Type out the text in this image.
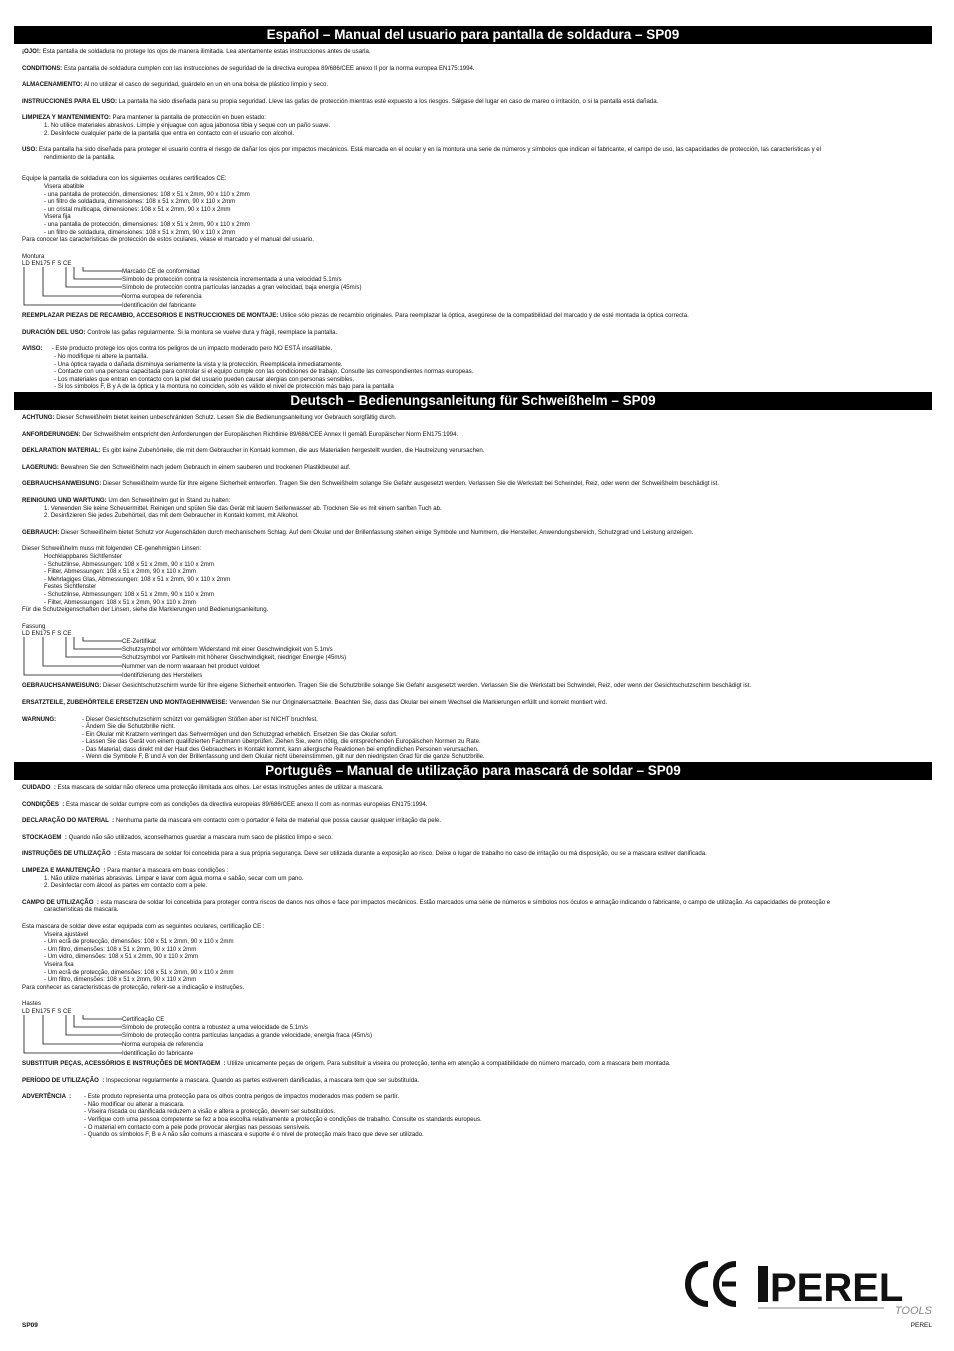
Español – Manual del usuario para pantalla de soldadura – SP09

¡OJO!: Esta pantalla de soldadura no protege los ojos de manera ilimitada. Lea atentamente estas instrucciones antes de usarla.

CONDITIONS: Esta pantalla de soldadura cumplen con las instrucciones de seguridad de la directiva europea 89/686/CEE anexo II por la norma europea EN175:1994.

ALMACENAMIENTO: Al no utilizar el casco de seguridad, guárdelo en un en una bolsa de plástico limpio y seco.

INSTRUCCIONES PARA EL USO: La pantalla ha sido diseñada para su propia seguridad. Lleve las gafas de protección mientras esté expuesto a los riesgos. Sálgase del lugar en caso de mareo o irritación, o si la pantalla está dañada.

LIMPIEZA Y MANTENIMIENTO: Para mantener la pantalla de protección en buen estado:

1. No utilice materiales abrasivos. Limpie y enjuague con agua jabonosa tibia y seque con un paño suave.

2. Desinfecte cualquier parte de la pantalla que entra en contacto con el usuario con alcohol.

USO: Esta pantalla ha sido diseñada para proteger el usuario contra el riesgo de dañar los ojos por impactos mecánicos. Está marcada en el ocular y en la montura una serie de números y símbolos que indican el fabricante, el campo de uso, las capacidades de protección, las características y el

rendimiento de la pantalla.

Equipe la pantalla de soldadura con los siguientes oculares certificados CE:

Visera abatible

- una pantalla de protección, dimensiones: 108 x 51 x 2mm, 90 x 110 x 2mm

- un filtro de soldadura, dimensiones: 108 x 51 x 2mm, 90 x 110 x 2mm

- un cristal multicapa, dimensiones: 108 x 51 x 2mm, 90 x 110 x 2mm

Visera fija

- una pantalla de protección, dimensiones: 108 x 51 x 2mm, 90 x 110 x 2mm

- un filtro de soldadura, dimensiones: 108 x 51 x 2mm, 90 x 110 x 2mm

Para conocer las características de protección de estos oculares, véase el marcado y el manual del usuario.

Montura

LD EN175 F S CE
Marcado CE de conformidad
Símbolo de protección contra la resistencia incrementada a una velocidad 5.1m/s
Símbolo de protección contra partículas lanzadas a gran velocidad, baja energía (45m/s)
Norma europea de referencia
Identificación del fabricante

REEMPLAZAR PIEZAS DE RECAMBIO, ACCESORIOS E INSTRUCCIONES DE MONTAJE: Utilice sólo piezas de recambio originales. Para reemplazar la óptica, asegúrese de la compatibilidad del marcado y de esté montada la óptica correcta.

DURACIÓN DEL USO: Controle las gafas regularmente. Si la montura se vuelve dura y frágil, reemplace la pantalla.

AVISO:	- Este producto protege los ojos contra los peligros de un impacto moderado pero NO ESTÁ insatillable.

- No modifique ni altere la pantalla.

- Una óptica rayada o dañada disminuya seriamente la vista y la protección. Reemplácela inmediatamente.

- Contacte con una persona capacitada para controlar si el equipo cumple con las condiciones de trabajo. Consulte las correspondientes normas europeas.

- Los materiales que entran en contacto con la piel del usuario pueden causar alergias con personas sensibles.

- Si los símbolos F, B y A de la óptica y la montura no coinciden, sólo es válido el nivel de protección más bajo para la pantalla

Deutsch – Bedienungsanleitung für Schweißhelm – SP09

ACHTUNG: Dieser Schweißhelm bietet keinen unbeschränkten Schutz. Lesen Sie die Bedienungsanleitung vor Gebrauch sorgfältig durch.

ANFORDERUNGEN: Der Schweißhelm entspricht den Anforderungen der Europäischen Richtlinie 89/686/CEE Annex II gemäß Europäischer Norm EN175:1994.

DEKLARATION MATERIAL: Es gibt keine Zubehörteile, die mit dem Gebraucher in Kontakt kommen, die aus Materialien hergestellt wurden, die Hautreizung verursachen.

LAGERUNG: Bewahren Sie den Schweißhelm nach jedem Gebrauch in einem sauberen und trockenen Plastikbeutel auf.

GEBRAUCHSANWEISUNG: Dieser Schweißhelm wurde für Ihre eigene Sicherheit entworfen. Tragen Sie den Schweißhelm solange Sie Gefahr ausgesetzt werden. Verlassen Sie die Werkstatt bei Schwindel, Reiz, oder wenn der Schweißhelm beschädigt ist.

REINIGUNG UND WARTUNG: Um den Schweißhelm gut in Stand zu halten:

1. Verwenden Sie keine Scheuermittel. Reinigen und spülen Sie das Gerät mit lauem Seifenwasser ab. Trocknen Sie es mit einem sanften Tuch ab.

2. Desinfizieren Sie jedes Zubehörteil, das mit dem Gebraucher in Kontakt kommt, mit Alkohol.

GEBRAUCH: Dieser Schweißhelm bietet Schutz vor Augenschäden durch mechanischem Schlag. Auf dem Okular und der Brillenfassung stehen einige Symbole und Nummern, die Hersteller, Anwendungsbereich, Schutzgrad und Leistung anzeigen.

Dieser Schweißhelm muss mit folgenden CE-genehmigten Linsen:

Hochklappbares Sichtfenster

- Schutzlinse, Abmessungen: 108 x 51 x 2mm, 90 x 110 x 2mm

- Filter, Abmessungen: 108 x 51 x 2mm, 90 x 110 x 2mm

- Mehrlagiges Glas, Abmessungen: 108 x 51 x 2mm, 90 x 110 x 2mm

Festes Sichtfenster

- Schutzlinse, Abmessungen: 108 x 51 x 2mm, 90 x 110 x 2mm

- Filter, Abmessungen: 108 x 51 x 2mm, 90 x 110 x 2mm

Für die Schutzeigenschaften der Linsen, siehe die Markierungen und Bedienungsanleitung.

Fassung

LD EN175 F S CE
CE-Zertifikat
Schutzsymbol vor erhöhtem Widerstand mit einer Geschwindigkeit von 5.1m/s
Schutzsymbol vor Partikeln mit höherer Geschwindigkeit, niedriger Energie (45m/s)
Nummer van de norm waaraan het product voldoet
Identifizierung des Herstellers

GEBRAUCHSANWEISUNG: Dieser Gesichtschutzschirm wurde für Ihre eigene Sicherheit entworfen. Tragen Sie die Schutzbrille solange Sie Gefahr ausgesetzt werden. Verlassen Sie die Werkstatt bei Schwindel, Reiz, oder wenn der Gesichtschutzschirm beschädigt ist.

ERSATZTEILE, ZUBEHÖRTEILE ERSETZEN UND MONTAGEHINWEISE: Verwenden Sie nur Originalersatzteile. Beachten Sie, dass das Okular bei einem Wechsel die Markierungen erfüllt und korrekt montiert wird.

WARNUNG:	- Dieser Gesichtschutzschirm schützt vor gemäßigten Stößen aber ist NICHT bruchfest.

- Ändern Sie die Schutzbrille nicht.

- Ein Okular mit Kratzern verringert das Sehvermögen und den Schutzgrad erheblich. Ersetzen Sie das Okular sofort.

- Lassen Sie das Gerät von einem qualifizierten Fachmann überprüfen. Ziehen Sie, wenn nötig, die entsprechenden Europäischen Normen zu Rate.

- Das Material, dass direkt mit der Haut des Gebrauchers in Kontakt kommt, kann allergische Reaktionen bei empfindlichen Personen verursachen.

- Wenn die Symbole F, B und A von der Brillenfassung und dem Okular nicht übereinstimmen, gilt nur den niedrigsten Grad für die ganze Schutzbrille.

Português – Manual de utilização para mascará de soldar – SP09

CUIDADO  : Esta mascara de soldar não oferece uma protecção ilimitada aos olhos. Ler estas instruções antes de utilizar a mascara.

CONDIÇÕES  : Esta mascar de soldar cumpre com as condições da directiva europeias 89/686/CEE anexo II com as normas europeias EN175:1994.

DECLARAÇÃO DO MATERIAL  : Nenhuma parte da mascara em contacto com o portador é feita de material que possa causar qualquer irritação da pele.

STOCKAGEM  : Quando não são utilizados, aconselhamos guardar a mascara num saco de plástico limpo e seco.

INSTRUÇÕES DE UTILIZAÇÃO  : Esta mascara de soldar foi concebida para a sua própria segurança. Deve ser utilizada durante a exposição ao risco. Deixe o lugar de trabalho no caso de irritação ou má disposição, ou se a mascara estiver danificada.

LIMPEZA E MANUTENÇÃO  : Para manter a mascara em boas condições :

1. Não utilize matérias abrasivas. Limpar e lavar com água morna e sabão, secar com um pano.

2. Desinfectar com álcool as partes em contacto com a pele.

CAMPO DE UTILIZAÇÃO  : esta mascara de soldar foi concebida para proteger contra riscos de danos nos olhos e face por impactos mecânicos. Estão marcados uma série de números e símbolos nos óculos e armação indicando o fabricante, o campo de utilização. As capacidades de protecção e

características da mascara.

Esta mascara de soldar deve estar equipada com as seguintes oculares, certificação CE :

Viseira ajustável

- Um ecrã de protecção, dimensões: 108 x 51 x 2mm, 90 x 110 x 2mm

- Um filtro, dimensões: 108 x 51 x 2mm, 90 x 110 x 2mm

- Um vidro, dimensões: 108 x 51 x 2mm, 90 x 110 x 2mm

Viseira fixa

- Um ecrã de protecção, dimensões: 108 x 51 x 2mm, 90 x 110 x 2mm

- Um filtro, dimensões: 108 x 51 x 2mm, 90 x 110 x 2mm

Para conhecer as características de protecção, referir-se a indicação e instruções.

Hastes

LD EN175 F S CE
Certificação CE
Símbolo de protecção contra a robustez a uma velocidade de 5.1m/s
Símbolo de protecção contra partículas lançadas a grande velocidade, energia fraca (45m/s)
Norma europeia de referencia
Identificação do fabricante

SUBSTITUIR PEÇAS, ACESSÓRIOS E INSTRUÇÕES DE MONTAGEM  : Utilize unicamente peças de origem. Para substituir a viseira ou protecção, tenha em atenção a compatibilidade do número marcado, com a mascara bem montada.

PERÍODO DE UTILIZAÇÃO  : Inspeccionar regularmente a mascara. Quando as partes estiverem danificadas, a mascara tem que ser substituída.

ADVERTÊNCIA  :	- Este produto representa uma protecção para os olhos contra perigos de impactos moderados mas podem se partir.

- Não modificar ou alterar a mascara.

- Viseira riscada ou danificada reduzem a visão e altera a protecção, devem ser substituídos.

- Verifique com uma pessoa competente se fez a boa escolha relativamente a protecção e condições de trabalho. Consulte os standards europeus.

- O material em contacto com a pele pode provocar alergias nas pessoas sensíveis.

- Quando os símbolos F, B e A não são comuns a mascara e suporte é o nível de protecção mais fraco que deve ser utilizado.

PEREL
TOOLS
SP09	PEREL
